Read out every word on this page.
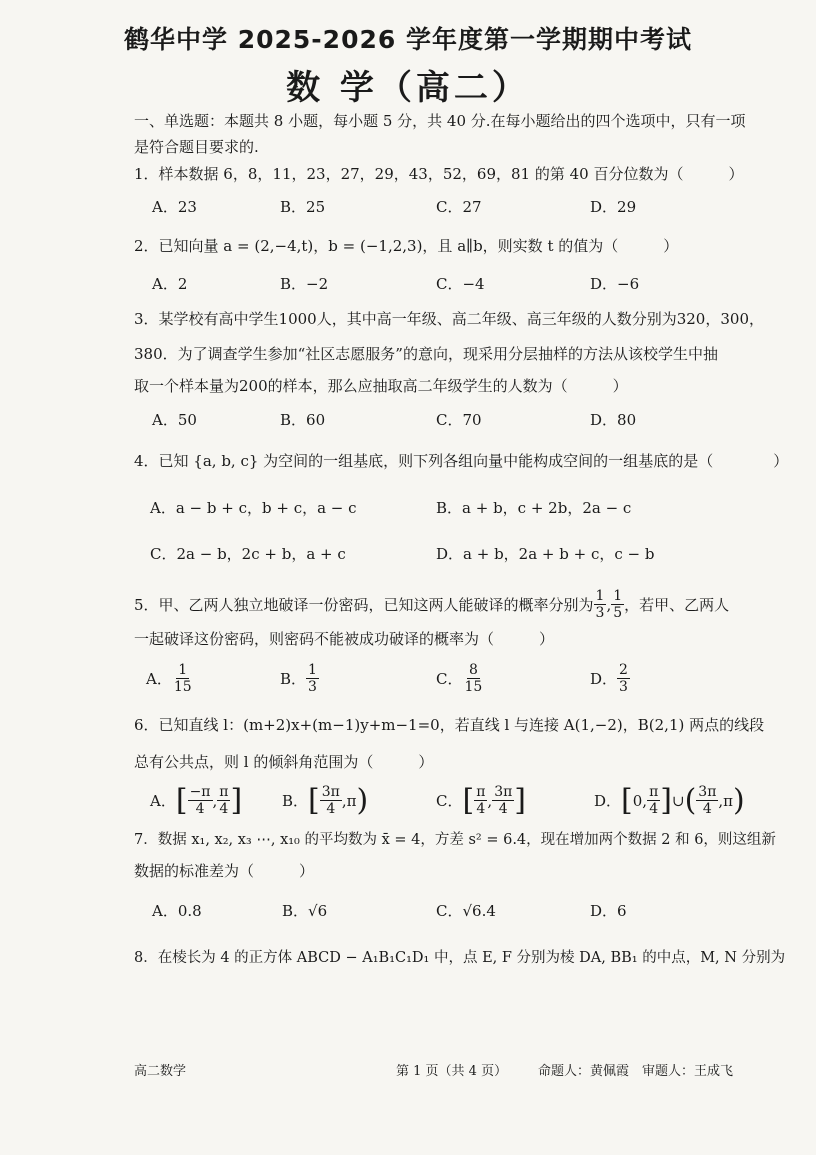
鹤华中学 2025-2026 学年度第一学期期中考试
数 学（高二）
一、单选题：本题共 8 小题，每小题 5 分，共 40 分.在每小题给出的四个选项中，只有一项
是符合题目要求的.
1．样本数据 6，8，11，23，27，29，43，52，69，81 的第 40 百分位数为（　　　）
A．23	B．25	C．27	D．29
2．已知向量 a = (2,−4,t)，b = (−1,2,3)，且 a∥b，则实数 t 的值为（　　　）
A．2	B．−2	C．−4	D．−6
3．某学校有高中学生1000人，其中高一年级、高二年级、高三年级的人数分别为320，300，
380．为了调查学生参加“社区志愿服务”的意向，现采用分层抽样的方法从该校学生中抽
取一个样本量为200的样本，那么应抽取高二年级学生的人数为（　　　）
A．50	B．60	C．70	D．80
4．已知 {a, b, c} 为空间的一组基底，则下列各组向量中能构成空间的一组基底的是（　　　　）
A．a − b + c，b + c，a − c	B．a + b，c + 2b，2a − c
C．2a − b，2c + b，a + c	D．a + b，2a + b + c，c − b
5．甲、乙两人独立地破译一份密码，已知这两人能破译的概率分别为 $\frac{1}{3}$ , $\frac{1}{5}$ ，若甲、乙两人
一起破译这份密码，则密码不能被成功破译的概率为（　　　）
A． $\frac{1}{15}$	B． $\frac{1}{3}$	C． $\frac{8}{15}$	D． $\frac{2}{3}$
6．已知直线 l：(m+2)x+(m−1)y+m−1=0，若直线 l 与连接 A(1,−2)，B(2,1) 两点的线段
总有公共点，则 l 的倾斜角范围为（　　　）
A． [ $\frac{-\pi}{4}$ , $\frac{\pi}{4}$ ]	B． [ $\frac{3\pi}{4} ,\pi$ )	C． [ $\frac{\pi}{4}$ , $\frac{3\pi}{4}$ ]	D． [ 0, $\frac{\pi}{4}$ ] ∪ ( $\frac{3\pi}{4} ,\pi$ )
7．数据 x₁, x₂, x₃ ⋯, x₁₀ 的平均数为 x̄ = 4，方差 s² = 6.4，现在增加两个数据 2 和 6，则这组新
数据的标准差为（　　　）
A．0.8	B．√6	C．√6.4	D．6
8．在棱长为 4 的正方体 ABCD − A₁B₁C₁D₁ 中，点 E, F 分别为棱 DA, BB₁ 的中点，M, N 分别为
高二数学	第 1 页（共 4 页） 命题人：黄佩霞 审题人：王成飞
